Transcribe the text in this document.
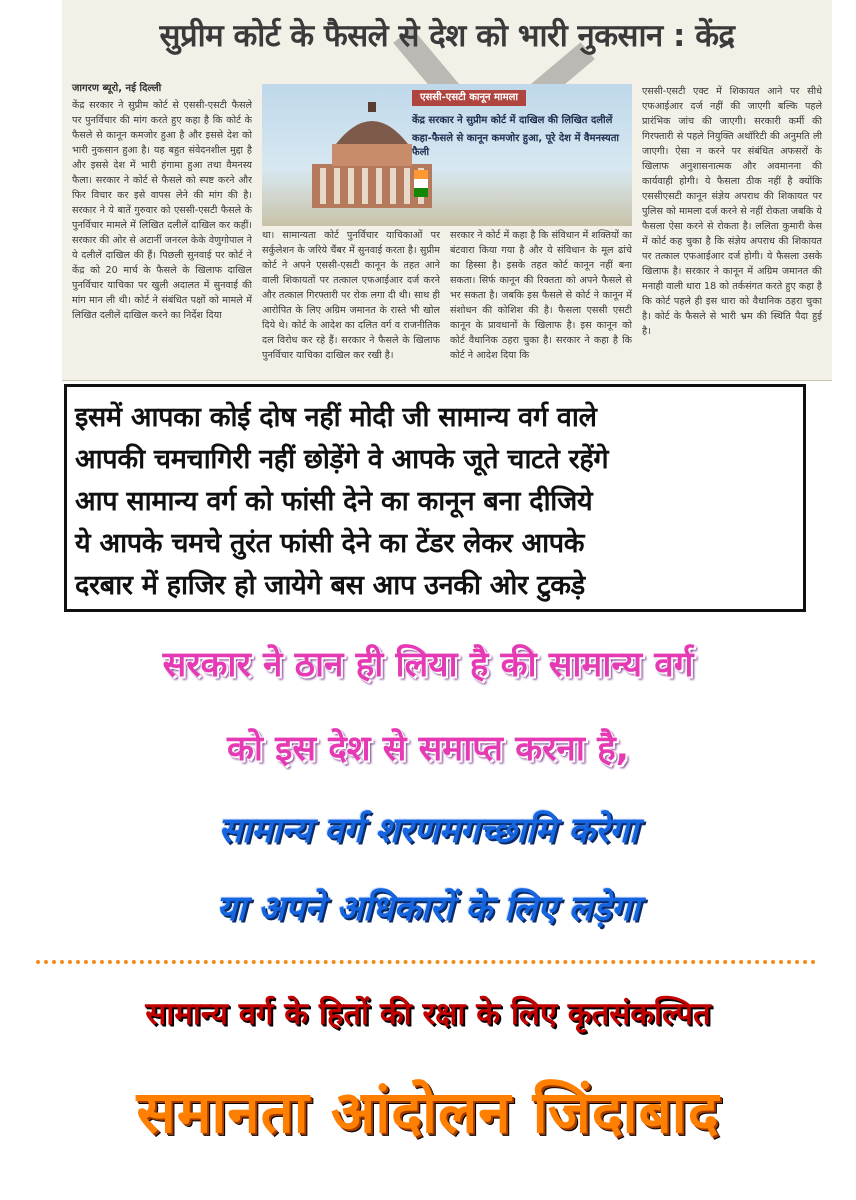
सुप्रीम कोर्ट के फैसले से देश को भारी नुकसान : केंद्र
जागरण ब्यूरो, नई दिल्ली
केंद्र सरकार ने सुप्रीम कोर्ट से एससी-एसटी फैसले पर पुनर्विचार की मांग करते हुए कहा है कि कोर्ट के फैसले से कानून कमजोर हुआ है और इससे देश को भारी नुकसान हुआ है। यह बहुत संवेदनशील मुद्दा है और इससे देश में भारी हंगामा हुआ तथा वैमनस्य फैला। सरकार ने कोर्ट से फैसले को स्पष्ट करने और फिर विचार कर इसे वापस लेने की मांग की है। सरकार ने ये बातें गुरुवार को एससी-एसटी फैसले के पुनर्विचार मामले में लिखित दलीलें दाखिल कर कहीं। सरकार की ओर से अटार्नी जनरल केके वेणुगोपाल ने ये दलीलें दाखिल की हैं। पिछली सुनवाई पर कोर्ट ने केंद्र को 20 मार्च के फैसले के खिलाफ दाखिल पुनर्विचार याचिका पर खुली अदालत में सुनवाई की मांग मान ली थी। कोर्ट ने संबंधित पक्षों को मामले में लिखित दलीलें दाखिल करने का निर्देश दिया
एससी-एसटी कानून मामला
केंद्र सरकार ने सुप्रीम कोर्ट में दाखिल की लिखित दलीलें
कहा-फैसले से कानून कमजोर हुआ, पूरे देश में वैमनस्यता फैली
था। सामान्यता कोर्ट पुनर्विचार याचिकाओं पर सर्कुलेशन के जरिये चैंबर में सुनवाई करता है। सुप्रीम कोर्ट ने अपने एससी-एसटी कानून के तहत आने वाली शिकायतों पर तत्काल एफआईआर दर्ज करने और तत्काल गिरफ्तारी पर रोक लगा दी थी। साथ ही आरोपित के लिए अग्रिम जमानत के रास्ते भी खोल दिये थे। कोर्ट के आदेश का दलित वर्ग व राजनीतिक दल विरोध कर रहे हैं। सरकार ने फैसले के खिलाफ पुनर्विचार याचिका दाखिल कर रखी है।
सरकार ने कोर्ट में कहा है कि संविधान में शक्तियों का बंटवारा किया गया है और ये संविधान के मूल ढांचे का हिस्सा है। इसके तहत कोर्ट कानून नहीं बना सकता। सिर्फ कानून की रिक्तता को अपने फैसले से भर सकता है। जबकि इस फैसले से कोर्ट ने कानून में संशोधन की कोशिश की है। फैसला एससी एसटी कानून के प्रावधानों के खिलाफ है। इस कानून को कोर्ट वैधानिक ठहरा चुका है। सरकार ने कहा है कि कोर्ट ने आदेश दिया कि
एससी-एसटी एक्ट में शिकायत आने पर सीधे एफआईआर दर्ज नहीं की जाएगी बल्कि पहले प्रारंभिक जांच की जाएगी। सरकारी कर्मी की गिरफ्तारी से पहले नियुक्ति अथॉरिटी की अनुमति ली जाएगी। ऐसा न करने पर संबंधित अफसरों के खिलाफ अनुशासनात्मक और अवमानना की कार्यवाही होगी। ये फैसला ठीक नहीं है क्योंकि एससीएसटी कानून संज्ञेय अपराध की शिकायत पर पुलिस को मामला दर्ज करने से नहीं रोकता जबकि ये फैसला ऐसा करने से रोकता है। ललिता कुमारी केस में कोर्ट कह चुका है कि संज्ञेय अपराध की शिकायत पर तत्काल एफआईआर दर्ज होगी। ये फैसला उसके खिलाफ है। सरकार ने कानून में अग्रिम जमानत की मनाही वाली धारा 18 को तर्कसंगत करते हुए कहा है कि कोर्ट पहले ही इस धारा को वैधानिक ठहरा चुका है। कोर्ट के फैसले से भारी भ्रम की स्थिति पैदा हुई है।
इसमें आपका कोई दोष नहीं मोदी जी सामान्य वर्ग वाले
आपकी चमचागिरी नहीं छोड़ेंगे वे आपके जूते चाटते रहेंगे
आप सामान्य वर्ग को फांसी देने का कानून बना दीजिये
ये आपके चमचे तुरंत फांसी देने का टेंडर लेकर आपके
दरबार में हाजिर हो जायेगे बस आप उनकी ओर टुकड़े
सरकार ने ठान ही लिया है की सामान्य वर्ग
को इस देश से समाप्त करना है,
सामान्य वर्ग शरणमगच्छामि करेगा
या अपने अधिकारों के लिए लड़ेगा
सामान्य वर्ग के हितों की रक्षा के लिए कृतसंकल्पित
समानता आंदोलन जिंदाबाद
